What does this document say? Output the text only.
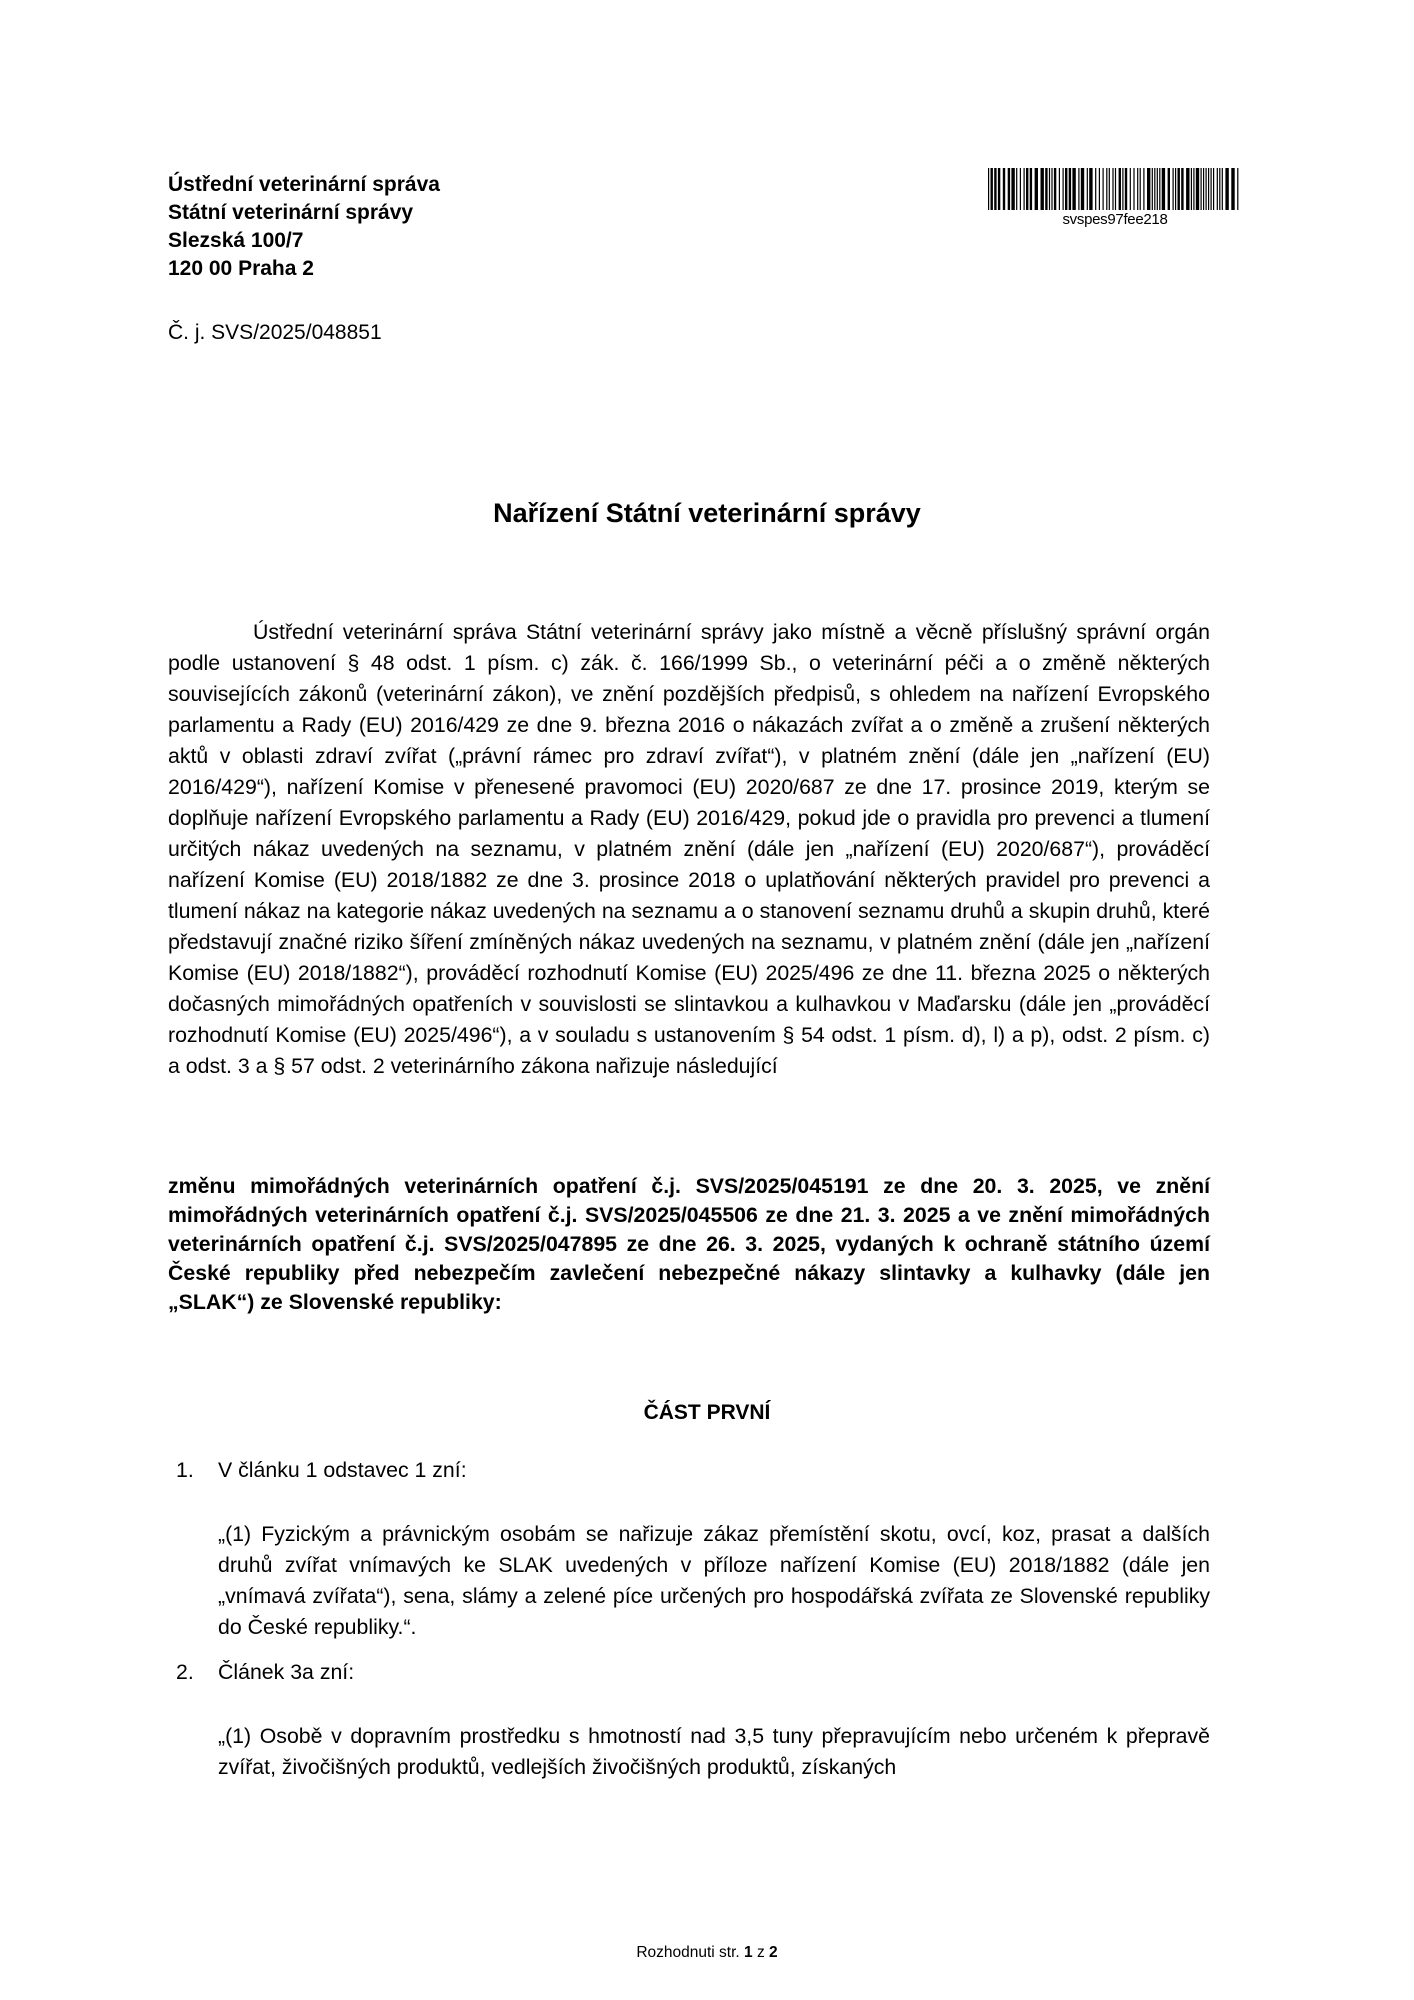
Ústřední veterinární správa
Státní veterinární správy
Slezská 100/7
120 00 Praha 2
svspes97fee218
Č. j. SVS/2025/048851
Nařízení Státní veterinární správy
Ústřední veterinární správa Státní veterinární správy jako místně a věcně příslušný správní orgán podle ustanovení § 48 odst. 1 písm. c) zák. č. 166/1999 Sb., o veterinární péči a o změně některých souvisejících zákonů (veterinární zákon), ve znění pozdějších předpisů, s ohledem na nařízení Evropského parlamentu a Rady (EU) 2016/429 ze dne 9. března 2016 o nákazách zvířat a o změně a zrušení některých aktů v oblasti zdraví zvířat („právní rámec pro zdraví zvířat“), v platném znění (dále jen „nařízení (EU) 2016/429“), nařízení Komise v přenesené pravomoci (EU) 2020/687 ze dne 17. prosince 2019, kterým se doplňuje nařízení Evropského parlamentu a Rady (EU) 2016/429, pokud jde o pravidla pro prevenci a tlumení určitých nákaz uvedených na seznamu, v platném znění (dále jen „nařízení (EU) 2020/687“), prováděcí nařízení Komise (EU) 2018/1882 ze dne 3. prosince 2018 o uplatňování některých pravidel pro prevenci a tlumení nákaz na kategorie nákaz uvedených na seznamu a o stanovení seznamu druhů a skupin druhů, které představují značné riziko šíření zmíněných nákaz uvedených na seznamu, v platném znění (dále jen „nařízení Komise (EU) 2018/1882“), prováděcí rozhodnutí Komise (EU) 2025/496 ze dne 11. března 2025 o některých dočasných mimořádných opatřeních v souvislosti se slintavkou a kulhavkou v Maďarsku (dále jen „prováděcí rozhodnutí Komise (EU) 2025/496“), a v souladu s ustanovením § 54 odst. 1 písm. d), l) a p), odst. 2 písm. c) a odst. 3 a § 57 odst. 2 veterinárního zákona nařizuje následující
změnu mimořádných veterinárních opatření č.j. SVS/2025/045191 ze dne 20. 3. 2025, ve znění mimořádných veterinárních opatření č.j. SVS/2025/045506 ze dne 21. 3. 2025 a ve znění mimořádných veterinárních opatření č.j. SVS/2025/047895 ze dne 26. 3. 2025, vydaných k ochraně státního území České republiky před nebezpečím zavlečení nebezpečné nákazy slintavky a kulhavky (dále jen „SLAK“) ze Slovenské republiky:
ČÁST PRVNÍ
1. V článku 1 odstavec 1 zní:
„(1) Fyzickým a právnickým osobám se nařizuje zákaz přemístění skotu, ovcí, koz, prasat a dalších druhů zvířat vnímavých ke SLAK uvedených v příloze nařízení Komise (EU) 2018/1882 (dále jen „vnímavá zvířata“), sena, slámy a zelené píce určených pro hospodářská zvířata ze Slovenské republiky do České republiky.“.
2. Článek 3a zní:
„(1) Osobě v dopravním prostředku s hmotností nad 3,5 tuny přepravujícím nebo určeném k přepravě zvířat, živočišných produktů, vedlejších živočišných produktů, získaných
Rozhodnuti str. 1 z 2
